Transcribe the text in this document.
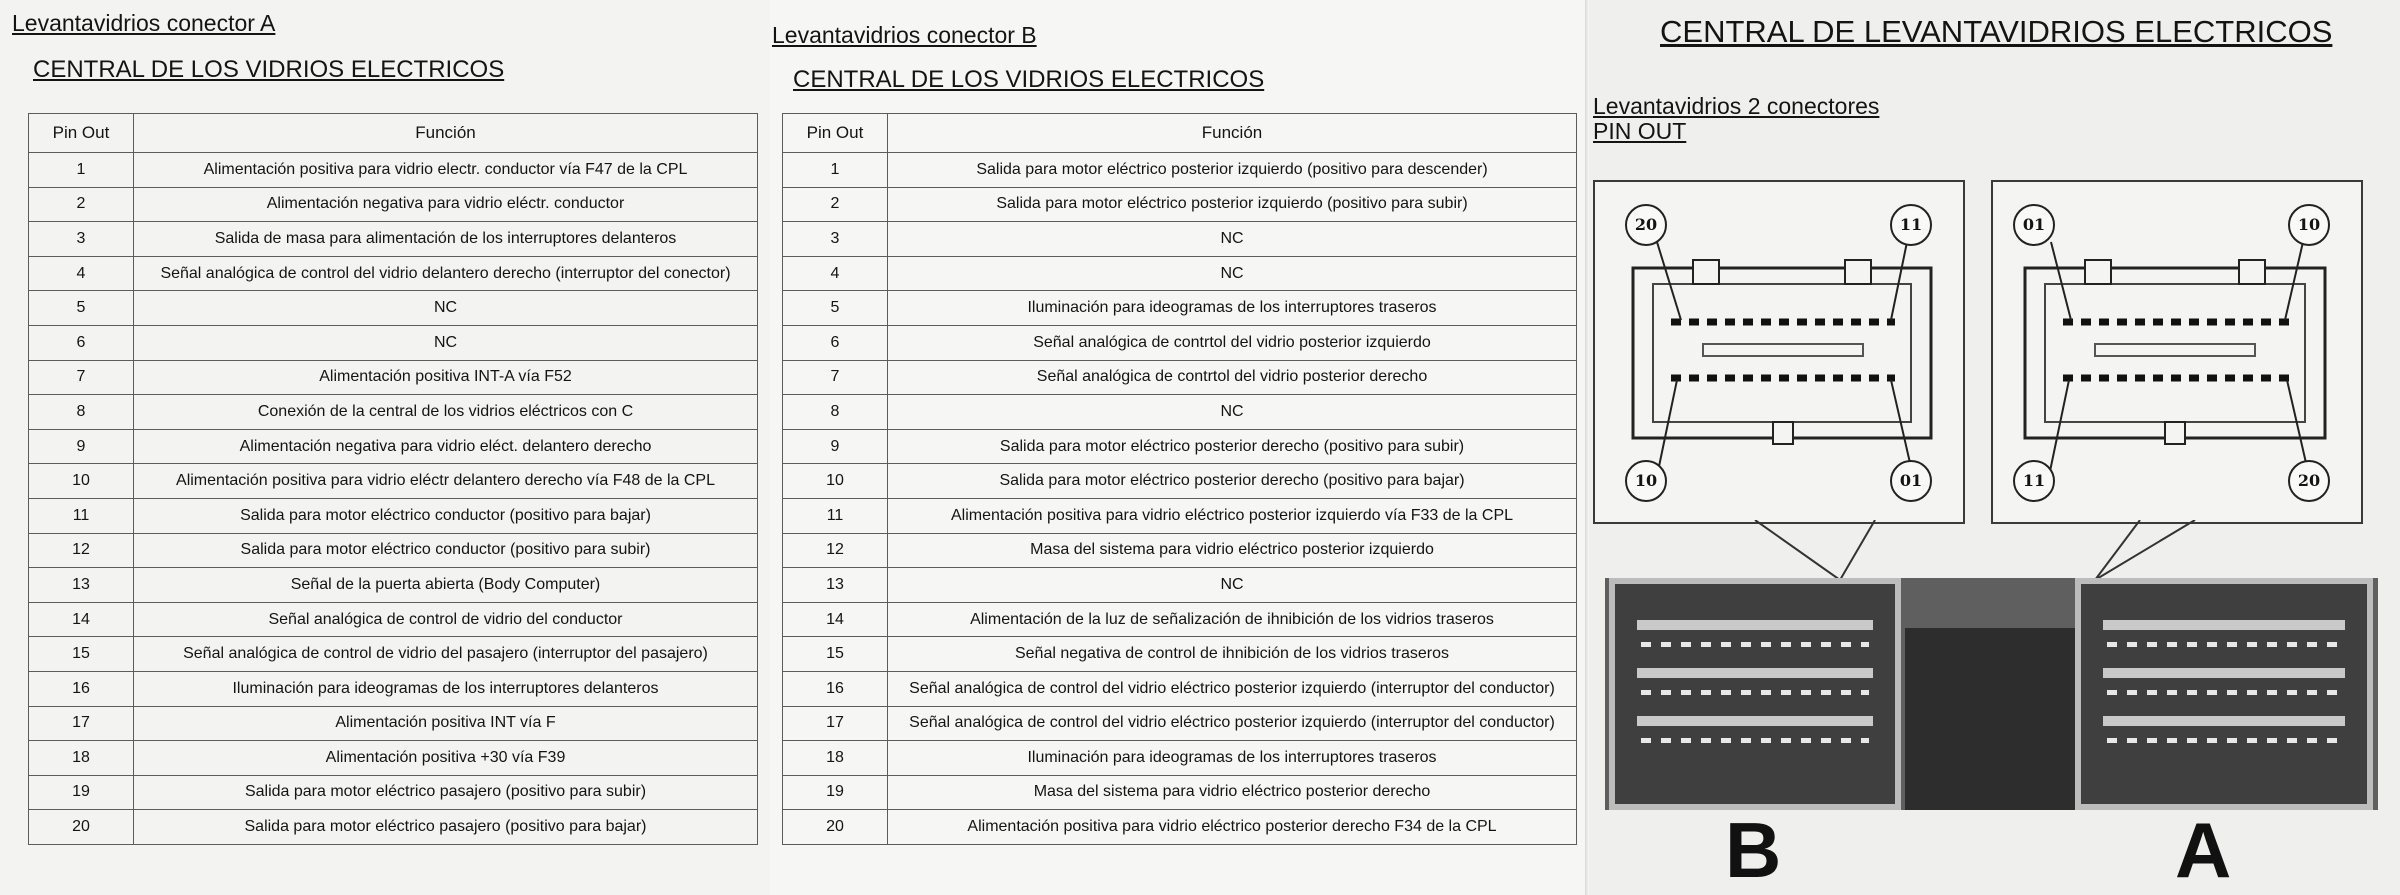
Levantavidrios conector A
CENTRAL DE LOS VIDRIOS ELECTRICOS
Pin Out	Función
1	Alimentación positiva para vidrio electr. conductor vía F47 de la CPL
2	Alimentación negativa para vidrio eléctr. conductor
3	Salida de masa para alimentación de los interruptores delanteros
4	Señal analógica de control del vidrio delantero derecho (interruptor del conector)
5	NC
6	NC
7	Alimentación positiva INT-A vía F52
8	Conexión de la central de los vidrios eléctricos con C
9	Alimentación negativa para vidrio eléct. delantero derecho
10	Alimentación positiva para vidrio eléctr delantero derecho vía F48 de la CPL
11	Salida para motor eléctrico conductor (positivo para bajar)
12	Salida para motor eléctrico conductor (positivo para subir)
13	Señal de la puerta abierta (Body Computer)
14	Señal analógica de control de vidrio del conductor
15	Señal analógica de control de vidrio del pasajero (interruptor del pasajero)
16	Iluminación para ideogramas de los interruptores delanteros
17	Alimentación positiva INT vía F
18	Alimentación positiva +30 vía F39
19	Salida para motor eléctrico pasajero (positivo para subir)
20	Salida para motor eléctrico pasajero (positivo para bajar)
Levantavidrios conector B
CENTRAL DE LOS VIDRIOS ELECTRICOS
Pin Out	Función
1	Salida para motor eléctrico posterior izquierdo (positivo para descender)
2	Salida para motor eléctrico posterior izquierdo (positivo para subir)
3	NC
4	NC
5	Iluminación para ideogramas de los interruptores traseros
6	Señal analógica de contrtol del vidrio posterior izquierdo
7	Señal analógica de contrtol del vidrio posterior derecho
8	NC
9	Salida para motor eléctrico posterior derecho (positivo para subir)
10	Salida para motor eléctrico posterior derecho (positivo para bajar)
11	Alimentación positiva para vidrio eléctrico posterior izquierdo vía F33 de la CPL
12	Masa del sistema para vidrio eléctrico posterior izquierdo
13	NC
14	Alimentación de la luz de señalización de ihnibición de los vidrios traseros
15	Señal negativa de control de ihnibición de los vidrios traseros
16	Señal analógica de control del vidrio eléctrico posterior izquierdo (interruptor del conductor)
17	Señal analógica de control del vidrio eléctrico posterior izquierdo (interruptor del conductor)
18	Iluminación para ideogramas de los interruptores traseros
19	Masa del sistema para vidrio eléctrico posterior derecho
20	Alimentación positiva para vidrio eléctrico posterior derecho F34 de la CPL
CENTRAL DE LEVANTAVIDRIOS ELECTRICOS
Levantavidrios 2 conectores
PIN OUT
20	11
10	01
01	10
11	20
B	A
